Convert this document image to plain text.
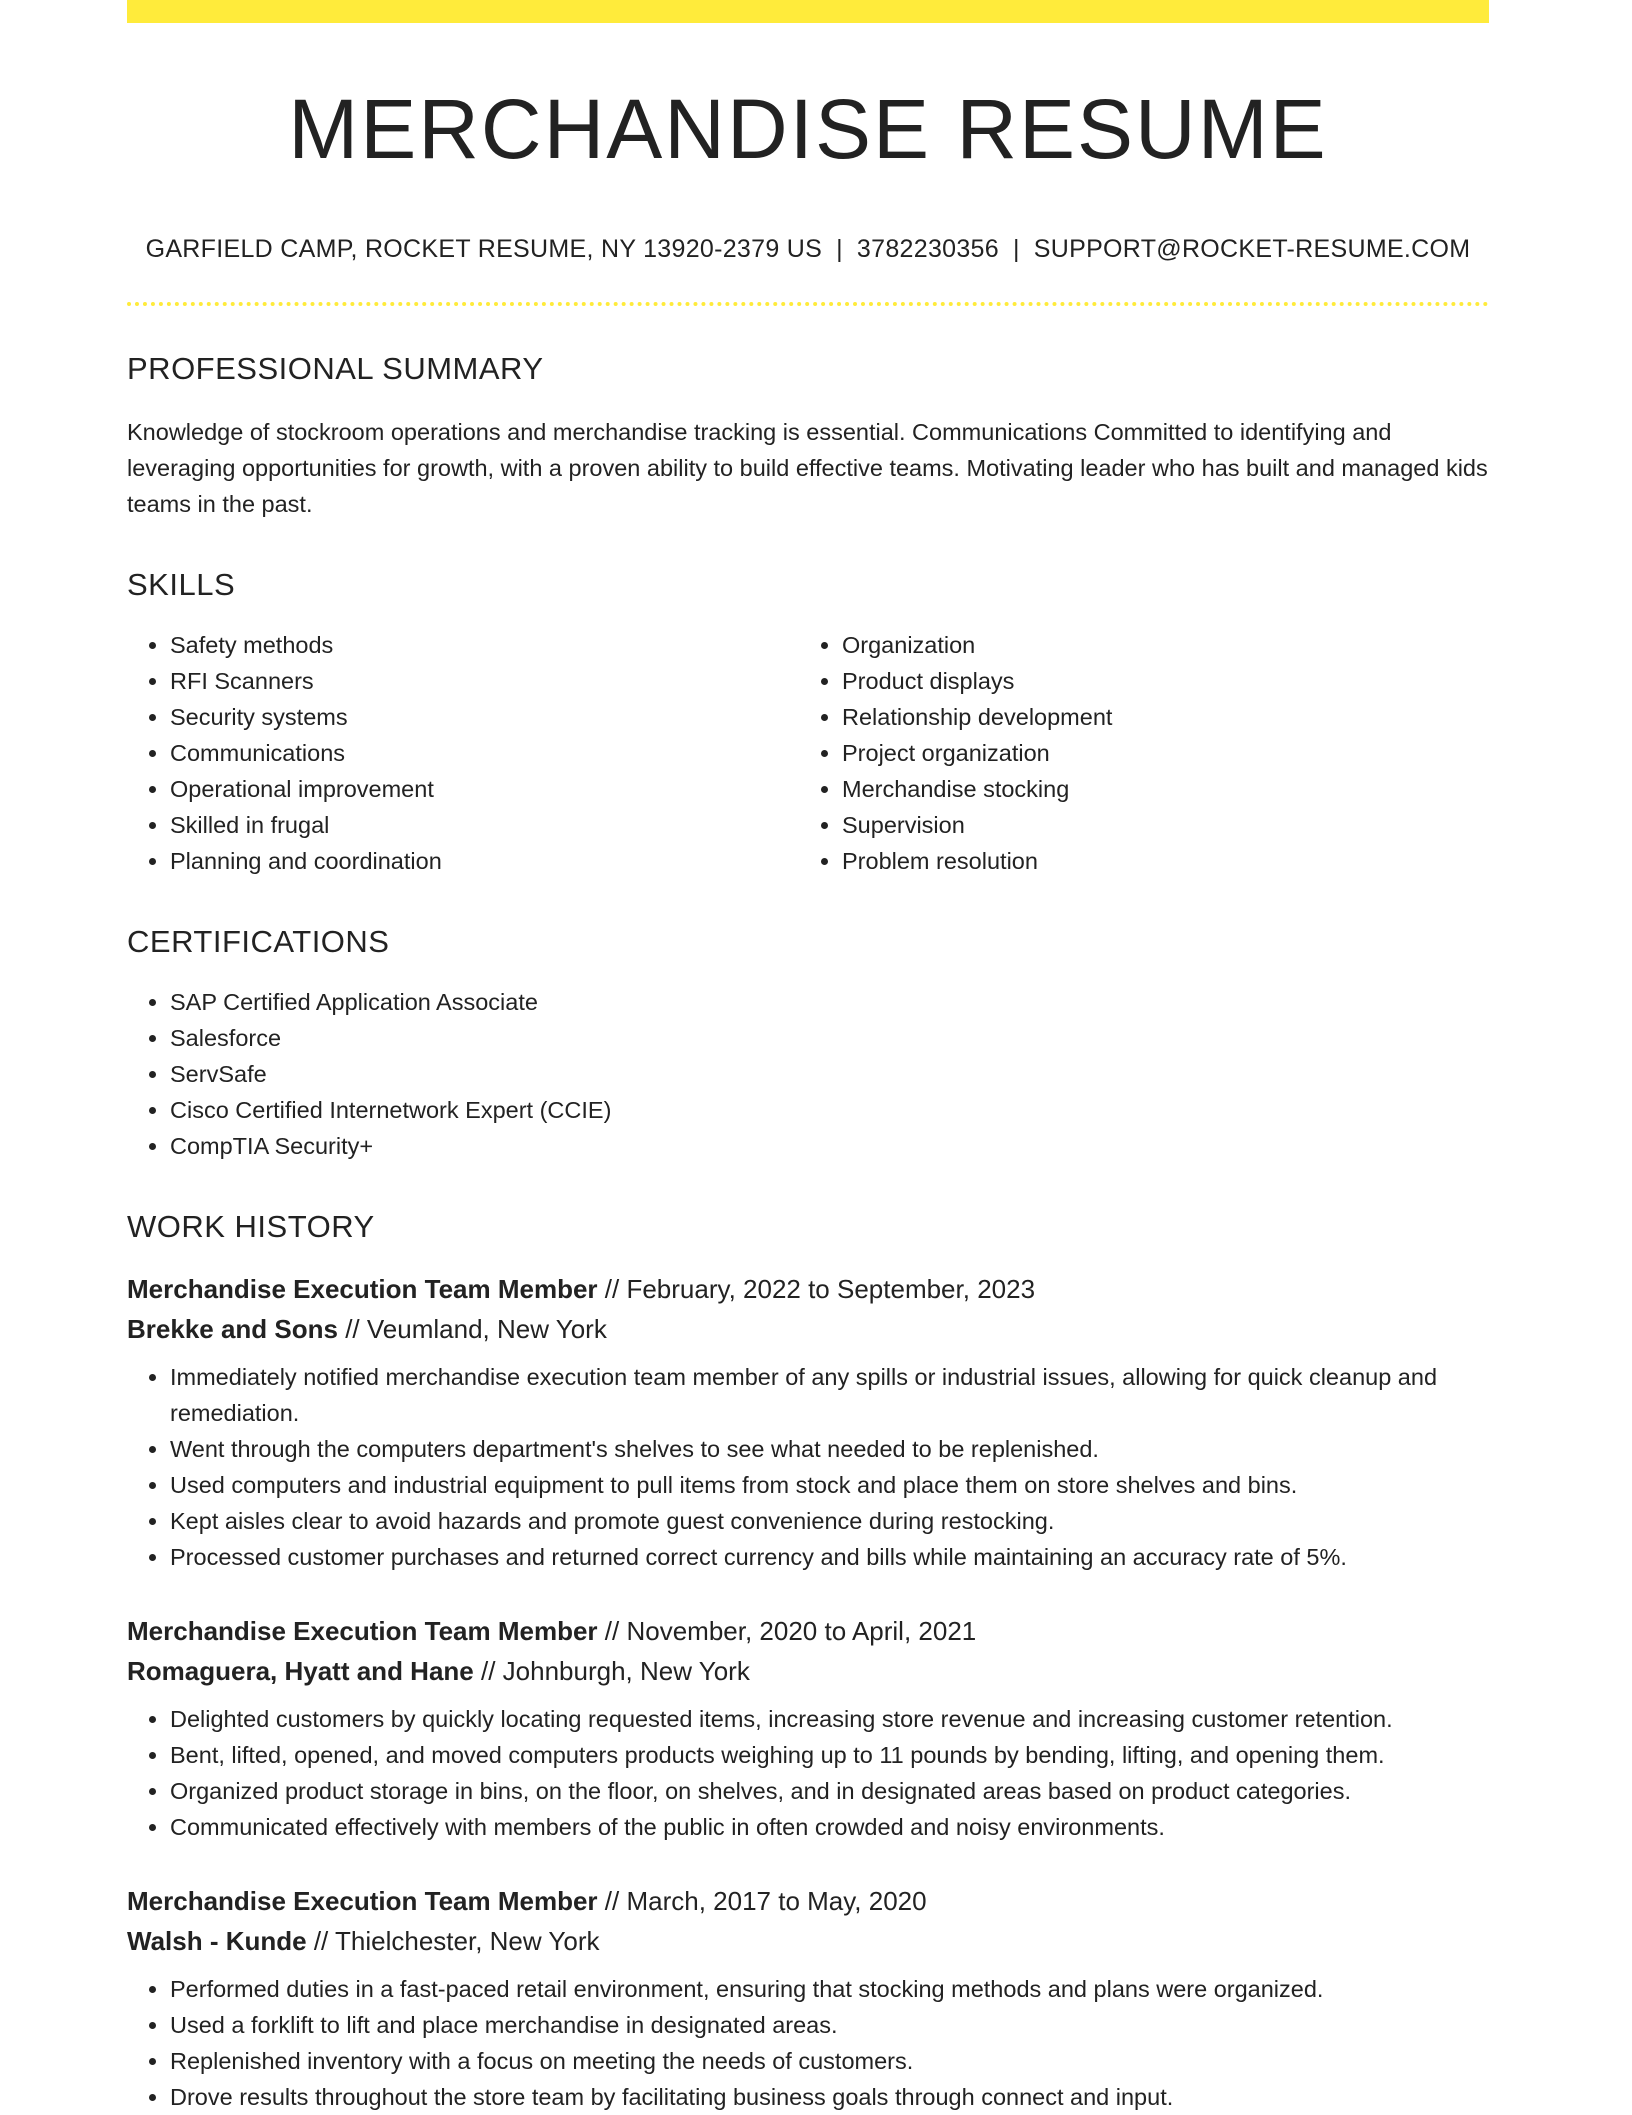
MERCHANDISE RESUME
GARFIELD CAMP, ROCKET RESUME, NY 13920-2379 US | 3782230356 | SUPPORT@ROCKET-RESUME.COM
PROFESSIONAL SUMMARY

Knowledge of stockroom operations and merchandise tracking is essential. Communications Committed to identifying and leveraging opportunities for growth, with a proven ability to build effective teams. Motivating leader who has built and managed kids teams in the past.

SKILLS
• Safety methods
• RFI Scanners
• Security systems
• Communications
• Operational improvement
• Skilled in frugal
• Planning and coordination
• Organization
• Product displays
• Relationship development
• Project organization
• Merchandise stocking
• Supervision
• Problem resolution
CERTIFICATIONS
• SAP Certified Application Associate
• Salesforce
• ServSafe
• Cisco Certified Internetwork Expert (CCIE)
• CompTIA Security+
WORK HISTORY
Merchandise Execution Team Member // February, 2022 to September, 2023
Brekke and Sons // Veumland, New York
• Immediately notified merchandise execution team member of any spills or industrial issues, allowing for quick cleanup and remediation.
• Went through the computers department's shelves to see what needed to be replenished.
• Used computers and industrial equipment to pull items from stock and place them on store shelves and bins.
• Kept aisles clear to avoid hazards and promote guest convenience during restocking.
• Processed customer purchases and returned correct currency and bills while maintaining an accuracy rate of 5%.
Merchandise Execution Team Member // November, 2020 to April, 2021
Romaguera, Hyatt and Hane // Johnburgh, New York
• Delighted customers by quickly locating requested items, increasing store revenue and increasing customer retention.
• Bent, lifted, opened, and moved computers products weighing up to 11 pounds by bending, lifting, and opening them.
• Organized product storage in bins, on the floor, on shelves, and in designated areas based on product categories.
• Communicated effectively with members of the public in often crowded and noisy environments.
Merchandise Execution Team Member // March, 2017 to May, 2020
Walsh - Kunde // Thielchester, New York
• Performed duties in a fast-paced retail environment, ensuring that stocking methods and plans were organized.
• Used a forklift to lift and place merchandise in designated areas.
• Replenished inventory with a focus on meeting the needs of customers.
• Drove results throughout the store team by facilitating business goals through connect and input.
